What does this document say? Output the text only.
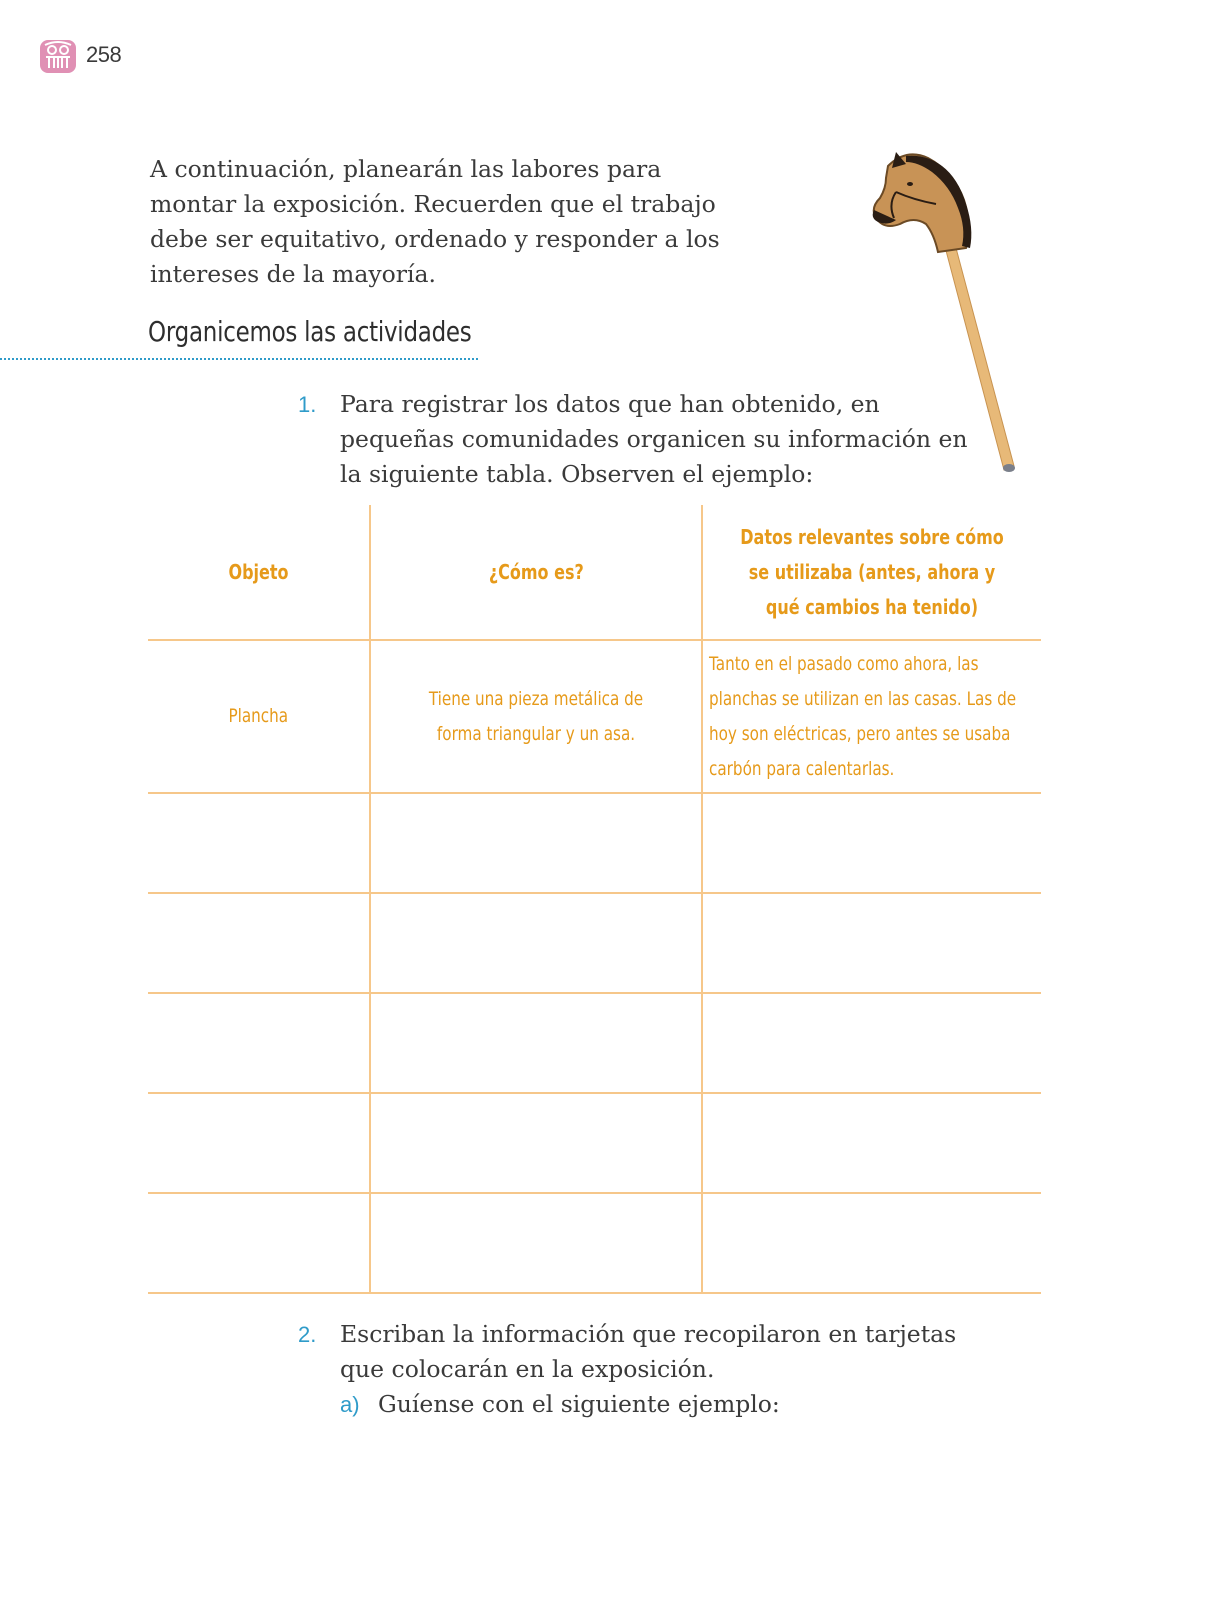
258

A continuación, planearán las labores para montar la exposición. Recuerden que el trabajo debe ser equitativo, ordenado y responder a los intereses de la mayoría.

Organicemos las actividades
1. Para registrar los datos que han obtenido, en pequeñas comunidades organicen su información en la siguiente tabla. Observen el ejemplo:

Objeto	¿Cómo es?	Datos relevantes sobre cómo se utilizaba (antes, ahora y qué cambios ha tenido)
Plancha	Tiene una pieza metálica de forma triangular y un asa.	Tanto en el pasado como ahora, las planchas se utilizan en las casas. Las de hoy son eléctricas, pero antes se usaba carbón para calentarlas.

2. Escriban la información que recopilaron en tarjetas que colocarán en la exposición.

a) Guíense con el siguiente ejemplo:
